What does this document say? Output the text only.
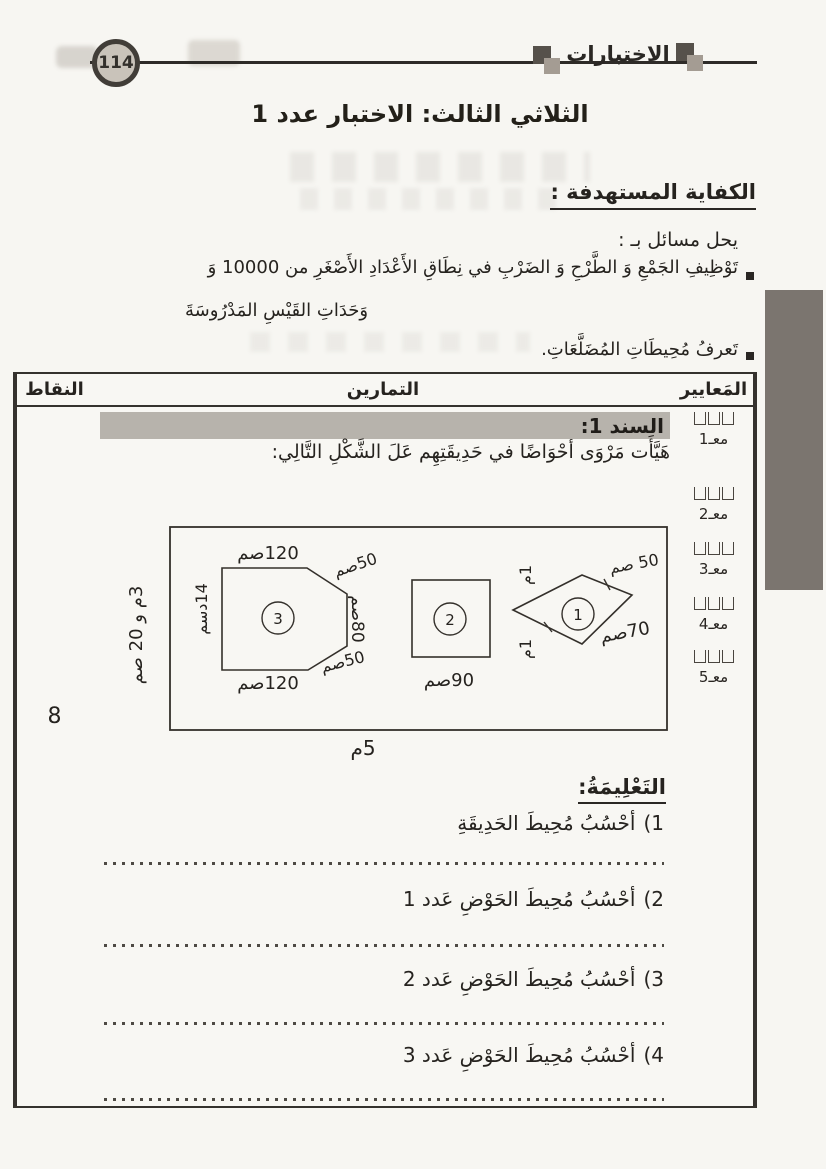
114	الاختبارات
الثلاثي الثالث: الاختبار عدد 1
الكفاية المستهدفة :
يحل مسائل بـ :
تَوْظِيفِ الجَمْعِ وَ الطَّرْحِ وَ الضَرْبِ في نِطَاقِ الأَعْدَادِ الأَصْغَرِ من 10000 وَ
وَحَدَاتِ القَيْسِ المَدْرُوسَةَ
تَعرفُ مُحِيطَاتِ المُضَلَّعَاتِ.
النقاط	التمارين	المَعايير
8
السند 1:
هَيَّأَت مَرْوَى أحْوَاضًا في حَدِيقَتِهِم عَلَ الشَّكْلِ التَّالِي:
3	2	1
120صم
50صم
80صم
50صم
120صم
14دسم
90صم
1م
1م
50 صم
70صم
5م
3م و 20 صم
التَعْلِيمَةُ:
1)
أحْسُبُ مُحِيطَ الحَدِيقَةِ
2)
أحْسُبُ مُحِيطَ الحَوْضِ عَدد 1
3)
أحْسُبُ مُحِيطَ الحَوْضِ عَدد 2
4)
أحْسُبُ مُحِيطَ الحَوْضِ عَدد 3
معـ1
معـ2
معـ3
معـ4
معـ5
